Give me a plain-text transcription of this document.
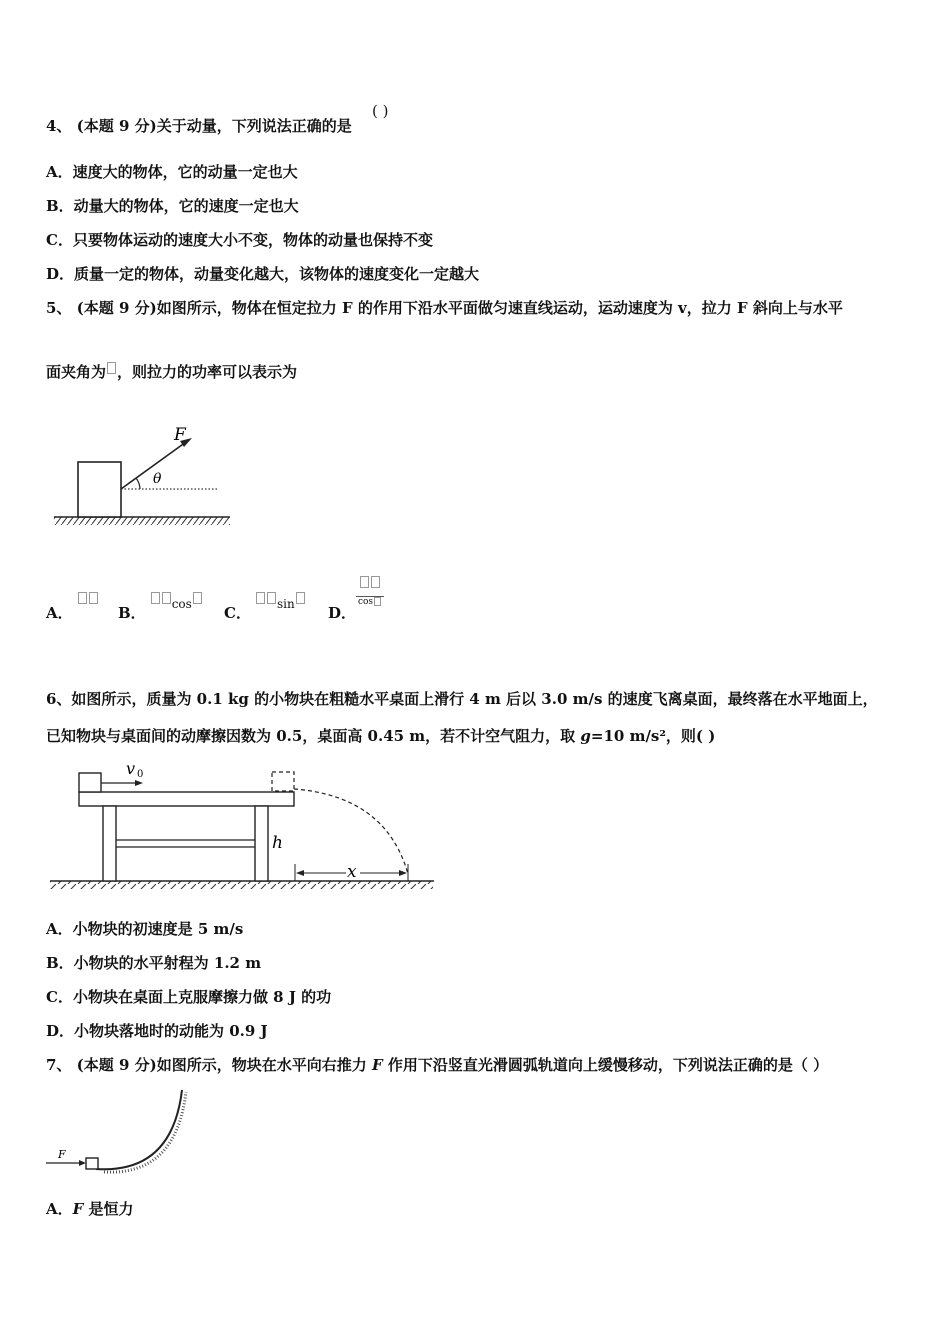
4、 (本题 9 分)关于动量，下列说法正确的是
( )
A．速度大的物体，它的动量一定也大
B．动量大的物体，它的速度一定也大
C．只要物体运动的速度大小不变，物体的动量也保持不变
D．质量一定的物体，动量变化越大，该物体的速度变化一定越大
5、 (本题 9 分)如图所示，物体在恒定拉力 F 的作用下沿水平面做匀速直线运动，运动速度为 v，拉力 F 斜向上与水平
面夹角为 ，则拉力的功率可以表示为
F
θ
A．	B． $^{cos}$	C． $^{sin}$	D．
cos
6、如图所示，质量为 0.1 kg 的小物块在粗糙水平桌面上滑行 4 m 后以 3.0 m/s 的速度飞离桌面，最终落在水平地面上，
已知物块与桌面间的动摩擦因数为 0.5，桌面高 0.45 m，若不计空气阻力，取 g=10 m/s²，则( )
v 0
h
x
A．小物块的初速度是 5 m/s
B．小物块的水平射程为 1.2 m
C．小物块在桌面上克服摩擦力做 8 J 的功
D．小物块落地时的动能为 0.9 J
7、 (本题 9 分)如图所示，物块在水平向右推力 F 作用下沿竖直光滑圆弧轨道向上缓慢移动，下列说法正确的是（ ）
F
A．F 是恒力
